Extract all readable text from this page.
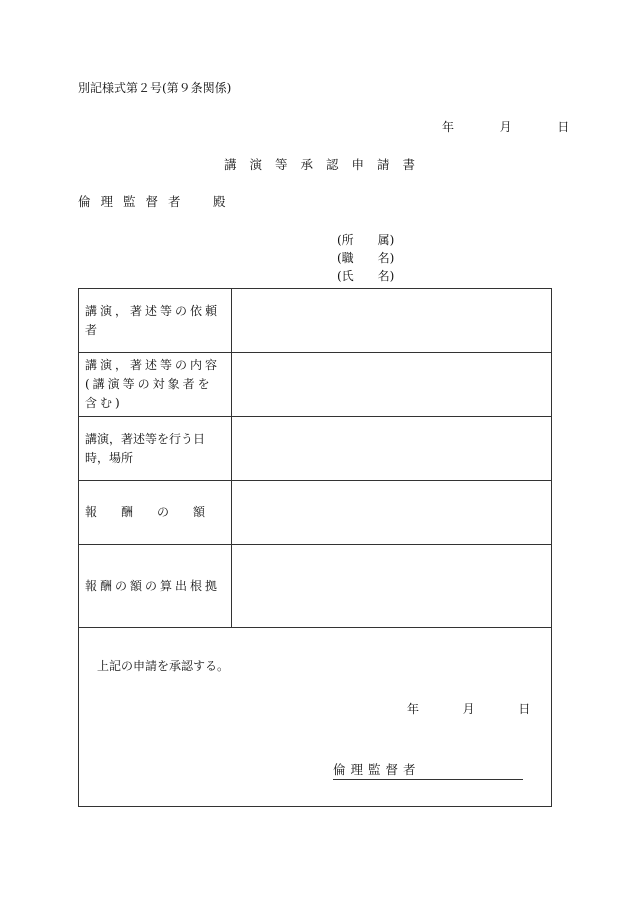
別記様式第２号(第９条関係)
年	月	日
講演等承認申請書
倫理監督者　殿
(所　　属)
(職　　名)
(氏　　名)
講演，著述等の依頼者
講演，著述等の内容(講演等の対象者を含む)
講演，著述等を行う日時，場所
報　　酬　　の　　額
報酬の額の算出根拠
上記の申請を承認する。
年	月	日
倫理監督者
